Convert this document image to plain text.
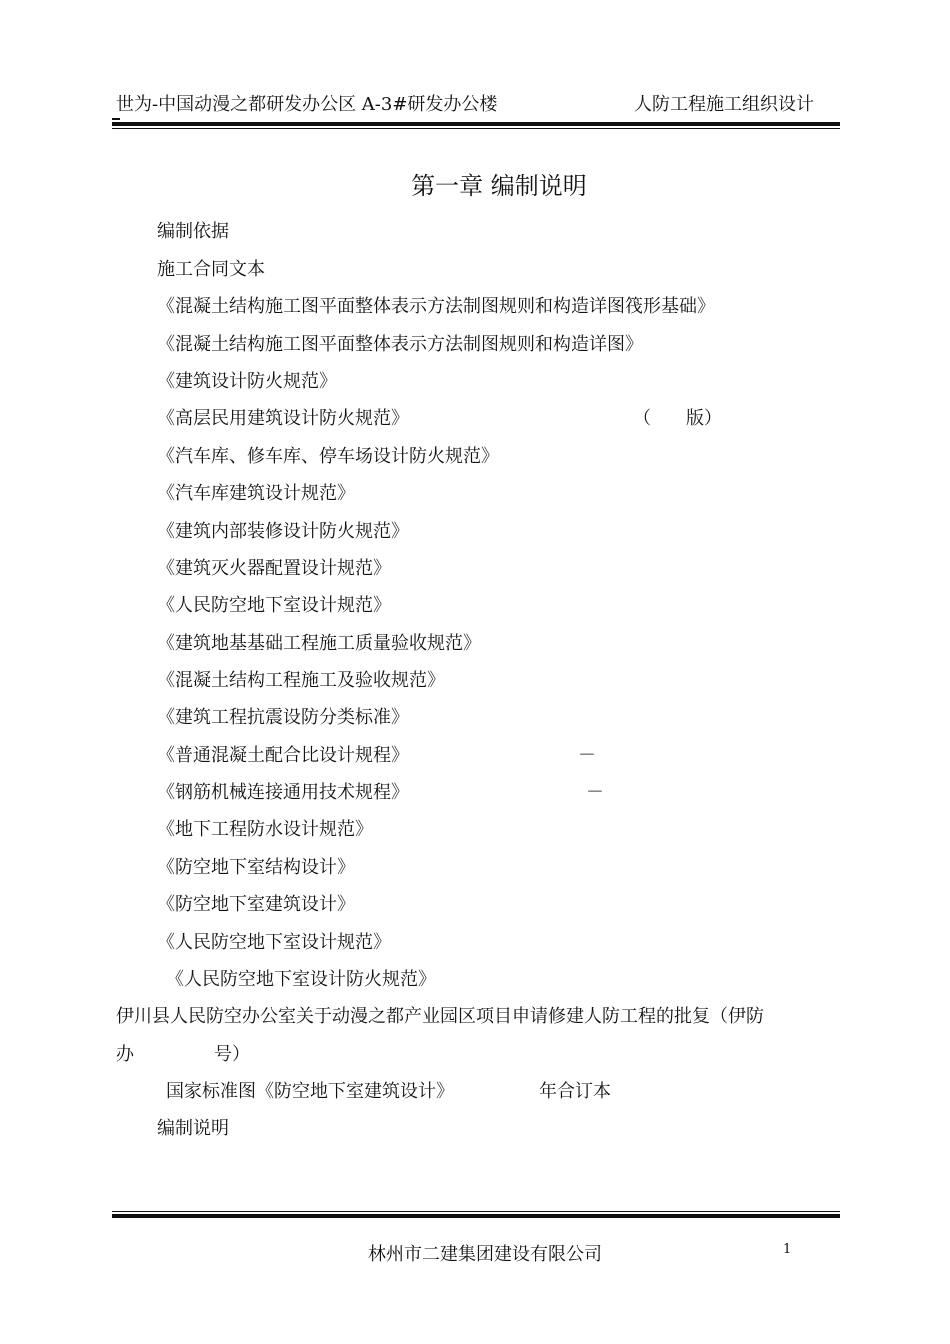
世为-中国动漫之都研发办公区 A-3#研发办公楼	人防工程施工组织设计
第一章 编制说明
编制依据
施工合同文本
《混凝土结构施工图平面整体表示方法制图规则和构造详图筏形基础》
《混凝土结构施工图平面整体表示方法制图规则和构造详图》
《建筑设计防火规范》
《高层民用建筑设计防火规范》	（ 版）
《汽车库、修车库、停车场设计防火规范》
《汽车库建筑设计规范》
《建筑内部装修设计防火规范》
《建筑灭火器配置设计规范》
《人民防空地下室设计规范》
《建筑地基基础工程施工质量验收规范》
《混凝土结构工程施工及验收规范》
《建筑工程抗震设防分类标准》
《普通混凝土配合比设计规程》	－
《钢筋机械连接通用技术规程》	－
《地下工程防水设计规范》
《防空地下室结构设计》
《防空地下室建筑设计》
《人民防空地下室设计规范》
《人民防空地下室设计防火规范》
伊川县人民防空办公室关于动漫之都产业园区项目申请修建人防工程的批复（伊防
办	号）
国家标准图《防空地下室建筑设计》	年合订本
编制说明
林州市二建集团建设有限公司	1
